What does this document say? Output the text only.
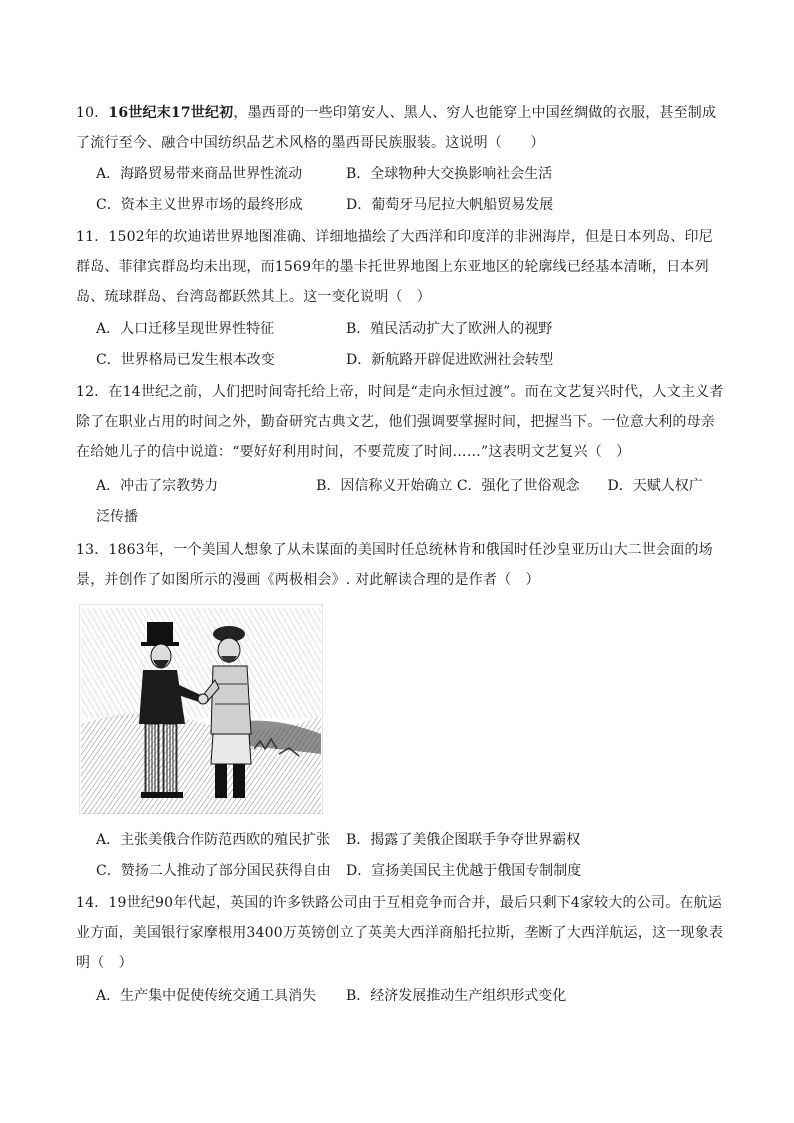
10．16世纪末17世纪初，墨西哥的一些印第安人、黑人、穷人也能穿上中国丝绸做的衣服，甚至制成了流行至今、融合中国纺织品艺术风格的墨西哥民族服装。这说明（　　）
A．海路贸易带来商品世界性流动	B．全球物种大交换影响社会生活
C．资本主义世界市场的最终形成	D．葡萄牙马尼拉大帆船贸易发展
11．1502年的坎迪诺世界地图准确、详细地描绘了大西洋和印度洋的非洲海岸，但是日本列岛、印尼群岛、菲律宾群岛均未出现，而1569年的墨卡托世界地图上东亚地区的轮廓线已经基本清晰，日本列岛、琉球群岛、台湾岛都跃然其上。这一变化说明（　）
A．人口迁移呈现世界性特征	B．殖民活动扩大了欧洲人的视野
C．世界格局已发生根本改变	D．新航路开辟促进欧洲社会转型
12．在14世纪之前，人们把时间寄托给上帝，时间是“走向永恒过渡”。而在文艺复兴时代，人文主义者除了在职业占用的时间之外，勤奋研究古典文艺，他们强调要掌握时间，把握当下。一位意大利的母亲在给她儿子的信中说道：“要好好利用时间，不要荒废了时间……”这表明文艺复兴（　）
A．冲击了宗教势力　　　　　　　B．因信称义开始确立 C．强化了世俗观念　　D．天赋人权广
泛传播
13．1863年，一个美国人想象了从未谋面的美国时任总统林肯和俄国时任沙皇亚历山大二世会面的场景，并创作了如图所示的漫画《两极相会》. 对此解读合理的是作者（　）
A．主张美俄合作防范西欧的殖民扩张 B．揭露了美俄企图联手争夺世界霸权
C．赞扬二人推动了部分国民获得自由 D．宣扬美国民主优越于俄国专制制度
14．19世纪90年代起，英国的许多铁路公司由于互相竞争而合并，最后只剩下4家较大的公司。在航运业方面，美国银行家摩根用3400万英镑创立了英美大西洋商船托拉斯，垄断了大西洋航运，这一现象表明（　）
A．生产集中促使传统交通工具消失 B．经济发展推动生产组织形式变化
